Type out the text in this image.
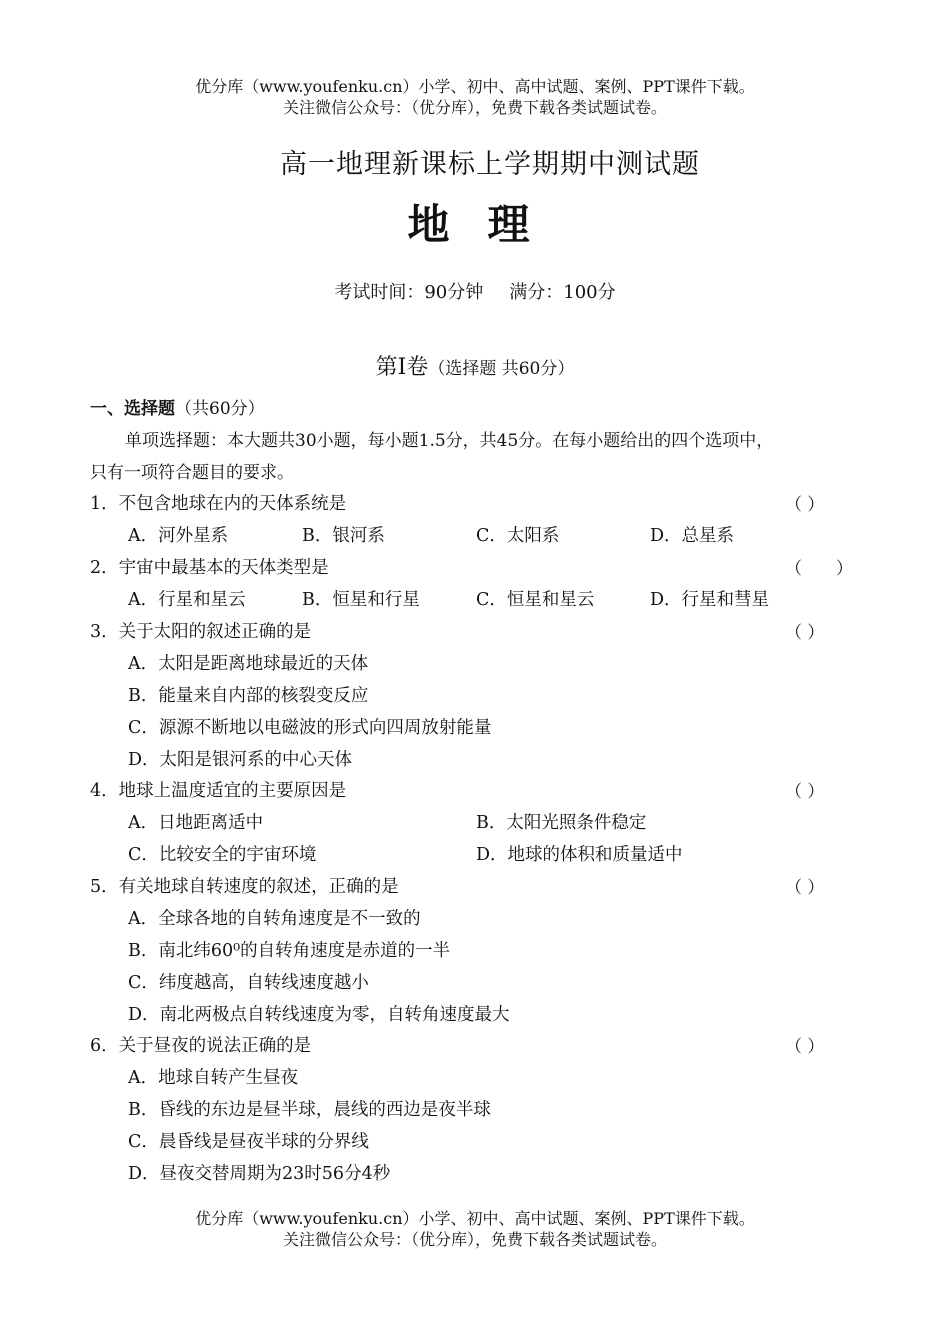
优分库（www.youfenku.cn）小学、初中、高中试题、案例、PPT课件下载。
关注微信公众号：（优分库），免费下载各类试题试卷。
高一地理新课标上学期期中测试题
地理
考试时间：90分钟 满分：100分
第Ⅰ卷（选择题 共60分）
一、选择题（共60分）
单项选择题：本大题共30小题，每小题1.5分，共45分。在每小题给出的四个选项中，
只有一项符合题目的要求。
1．不包含地球在内的天体系统是	（ ）
A．河外星系	B．银河系	C．太阳系	D．总星系
2．宇宙中最基本的天体类型是	（　　）
A．行星和星云	B．恒星和行星	C．恒星和星云	D．行星和彗星
3．关于太阳的叙述正确的是	（ ）
A．太阳是距离地球最近的天体
B．能量来自内部的核裂变反应
C．源源不断地以电磁波的形式向四周放射能量
D．太阳是银河系的中心天体
4．地球上温度适宜的主要原因是	（ ）
A．日地距离适中	B．太阳光照条件稳定
C．比较安全的宇宙环境	D．地球的体积和质量适中
5．有关地球自转速度的叙述，正确的是	（ ）
A．全球各地的自转角速度是不一致的
B．南北纬60⁰的自转角速度是赤道的一半
C．纬度越高，自转线速度越小
D．南北两极点自转线速度为零，自转角速度最大
6．关于昼夜的说法正确的是	（ ）
A．地球自转产生昼夜
B．昏线的东边是昼半球，晨线的西边是夜半球
C．晨昏线是昼夜半球的分界线
D．昼夜交替周期为23时56分4秒
优分库（www.youfenku.cn）小学、初中、高中试题、案例、PPT课件下载。
关注微信公众号：（优分库），免费下载各类试题试卷。
